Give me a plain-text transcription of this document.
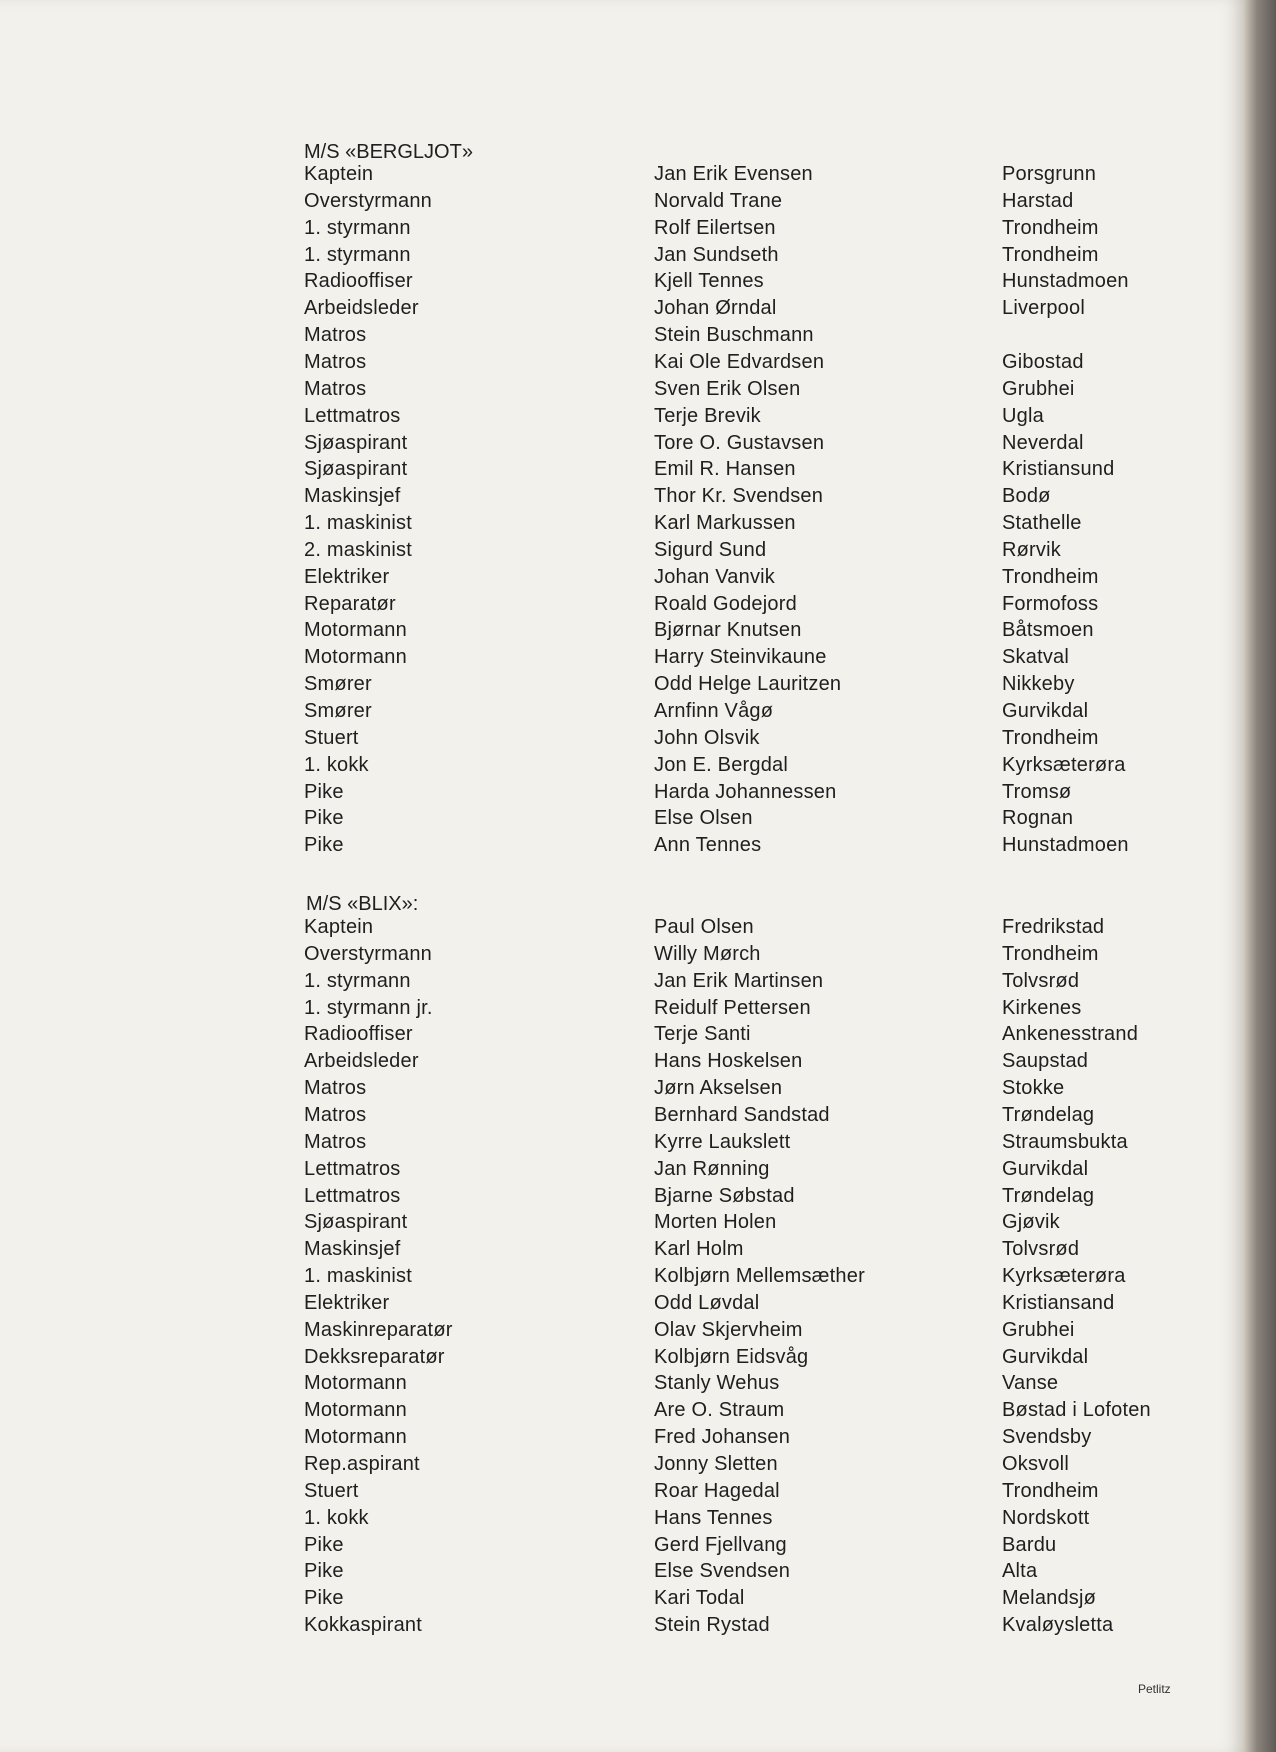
M/S «BERGLJOT»
Kaptein	Jan Erik Evensen	Porsgrunn
Overstyrmann	Norvald Trane	Harstad
1. styrmann	Rolf Eilertsen	Trondheim
1. styrmann	Jan Sundseth	Trondheim
Radiooffiser	Kjell Tennes	Hunstadmoen
Arbeidsleder	Johan Ørndal	Liverpool
Matros	Stein Buschmann
Matros	Kai Ole Edvardsen	Gibostad
Matros	Sven Erik Olsen	Grubhei
Lettmatros	Terje Brevik	Ugla
Sjøaspirant	Tore O. Gustavsen	Neverdal
Sjøaspirant	Emil R. Hansen	Kristiansund
Maskinsjef	Thor Kr. Svendsen	Bodø
1. maskinist	Karl Markussen	Stathelle
2. maskinist	Sigurd Sund	Rørvik
Elektriker	Johan Vanvik	Trondheim
Reparatør	Roald Godejord	Formofoss
Motormann	Bjørnar Knutsen	Båtsmoen
Motormann	Harry Steinvikaune	Skatval
Smører	Odd Helge Lauritzen	Nikkeby
Smører	Arnfinn Vågø	Gurvikdal
Stuert	John Olsvik	Trondheim
1. kokk	Jon E. Bergdal	Kyrksæterøra
Pike	Harda Johannessen	Tromsø
Pike	Else Olsen	Rognan
Pike	Ann Tennes	Hunstadmoen
M/S «BLIX»:
Kaptein	Paul Olsen	Fredrikstad
Overstyrmann	Willy Mørch	Trondheim
1. styrmann	Jan Erik Martinsen	Tolvsrød
1. styrmann jr.	Reidulf Pettersen	Kirkenes
Radiooffiser	Terje Santi	Ankenesstrand
Arbeidsleder	Hans Hoskelsen	Saupstad
Matros	Jørn Akselsen	Stokke
Matros	Bernhard Sandstad	Trøndelag
Matros	Kyrre Laukslett	Straumsbukta
Lettmatros	Jan Rønning	Gurvikdal
Lettmatros	Bjarne Søbstad	Trøndelag
Sjøaspirant	Morten Holen	Gjøvik
Maskinsjef	Karl Holm	Tolvsrød
1. maskinist	Kolbjørn Mellemsæther	Kyrksæterøra
Elektriker	Odd Løvdal	Kristiansand
Maskinreparatør	Olav Skjervheim	Grubhei
Dekksreparatør	Kolbjørn Eidsvåg	Gurvikdal
Motormann	Stanly Wehus	Vanse
Motormann	Are O. Straum	Bøstad i Lofoten
Motormann	Fred Johansen	Svendsby
Rep.aspirant	Jonny Sletten	Oksvoll
Stuert	Roar Hagedal	Trondheim
1. kokk	Hans Tennes	Nordskott
Pike	Gerd Fjellvang	Bardu
Pike	Else Svendsen	Alta
Pike	Kari Todal	Melandsjø
Kokkaspirant	Stein Rystad	Kvaløysletta
Petlitz
